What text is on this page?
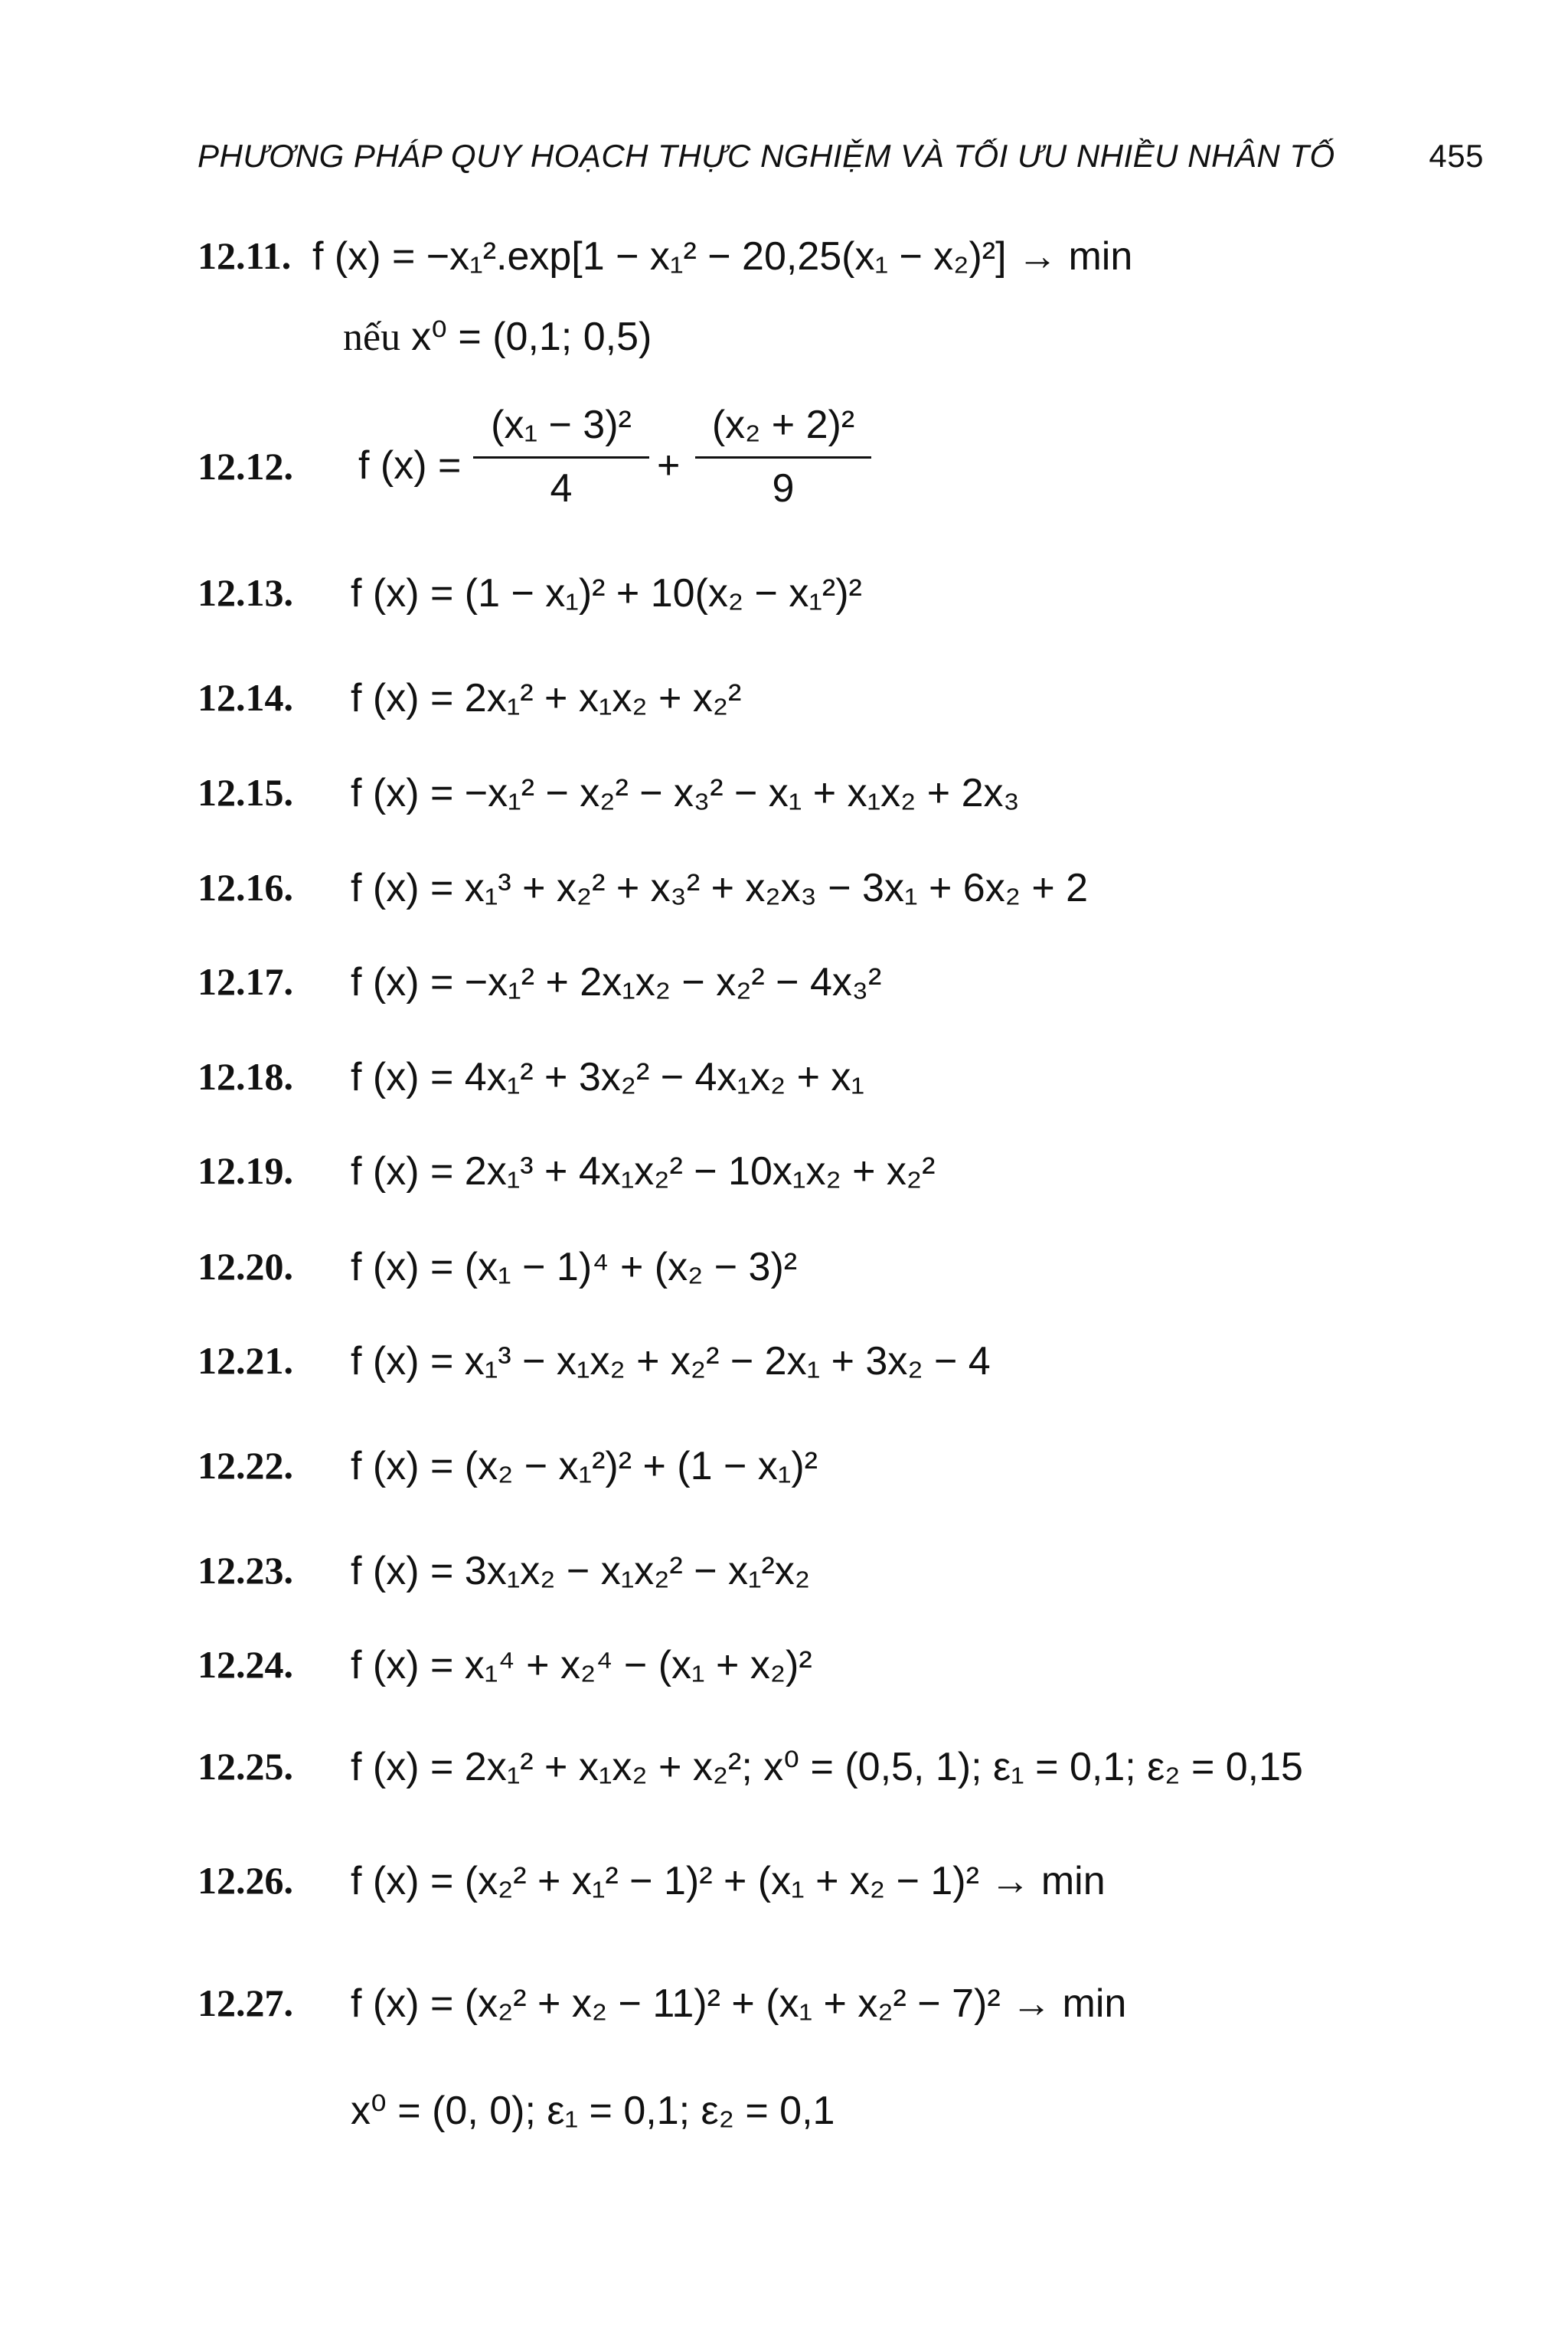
PHƯƠNG PHÁP QUY HOẠCH THỰC NGHIỆM VÀ TỐI ƯU NHIỀU NHÂN TỐ	455
12.11. f (x) = −x₁².exp[1 − x₁² − 20,25(x₁ − x₂)²] → min
nếu x⁰ = (0,1; 0,5)
12.12. f (x) =
(x₁ − 3)²
4
+
(x₂ + 2)²
9
12.13. f (x) = (1 − x₁)² + 10(x₂ − x₁²)²
12.14. f (x) = 2x₁² + x₁x₂ + x₂²
12.15. f (x) = −x₁² − x₂² − x₃² − x₁ + x₁x₂ + 2x₃
12.16. f (x) = x₁³ + x₂² + x₃² + x₂x₃ − 3x₁ + 6x₂ + 2
12.17. f (x) = −x₁² + 2x₁x₂ − x₂² − 4x₃²
12.18. f (x) = 4x₁² + 3x₂² − 4x₁x₂ + x₁
12.19. f (x) = 2x₁³ + 4x₁x₂² − 10x₁x₂ + x₂²
12.20. f (x) = (x₁ − 1)⁴ + (x₂ − 3)²
12.21. f (x) = x₁³ − x₁x₂ + x₂² − 2x₁ + 3x₂ − 4
12.22. f (x) = (x₂ − x₁²)² + (1 − x₁)²
12.23. f (x) = 3x₁x₂ − x₁x₂² − x₁²x₂
12.24. f (x) = x₁⁴ + x₂⁴ − (x₁ + x₂)²
12.25. f (x) = 2x₁² + x₁x₂ + x₂²; x⁰ = (0,5, 1); ε₁ = 0,1; ε₂ = 0,15
12.26. f (x) = (x₂² + x₁² − 1)² + (x₁ + x₂ − 1)² → min
12.27. f (x) = (x₂² + x₂ − 11)² + (x₁ + x₂² − 7)² → min
x⁰ = (0, 0); ε₁ = 0,1; ε₂ = 0,1
